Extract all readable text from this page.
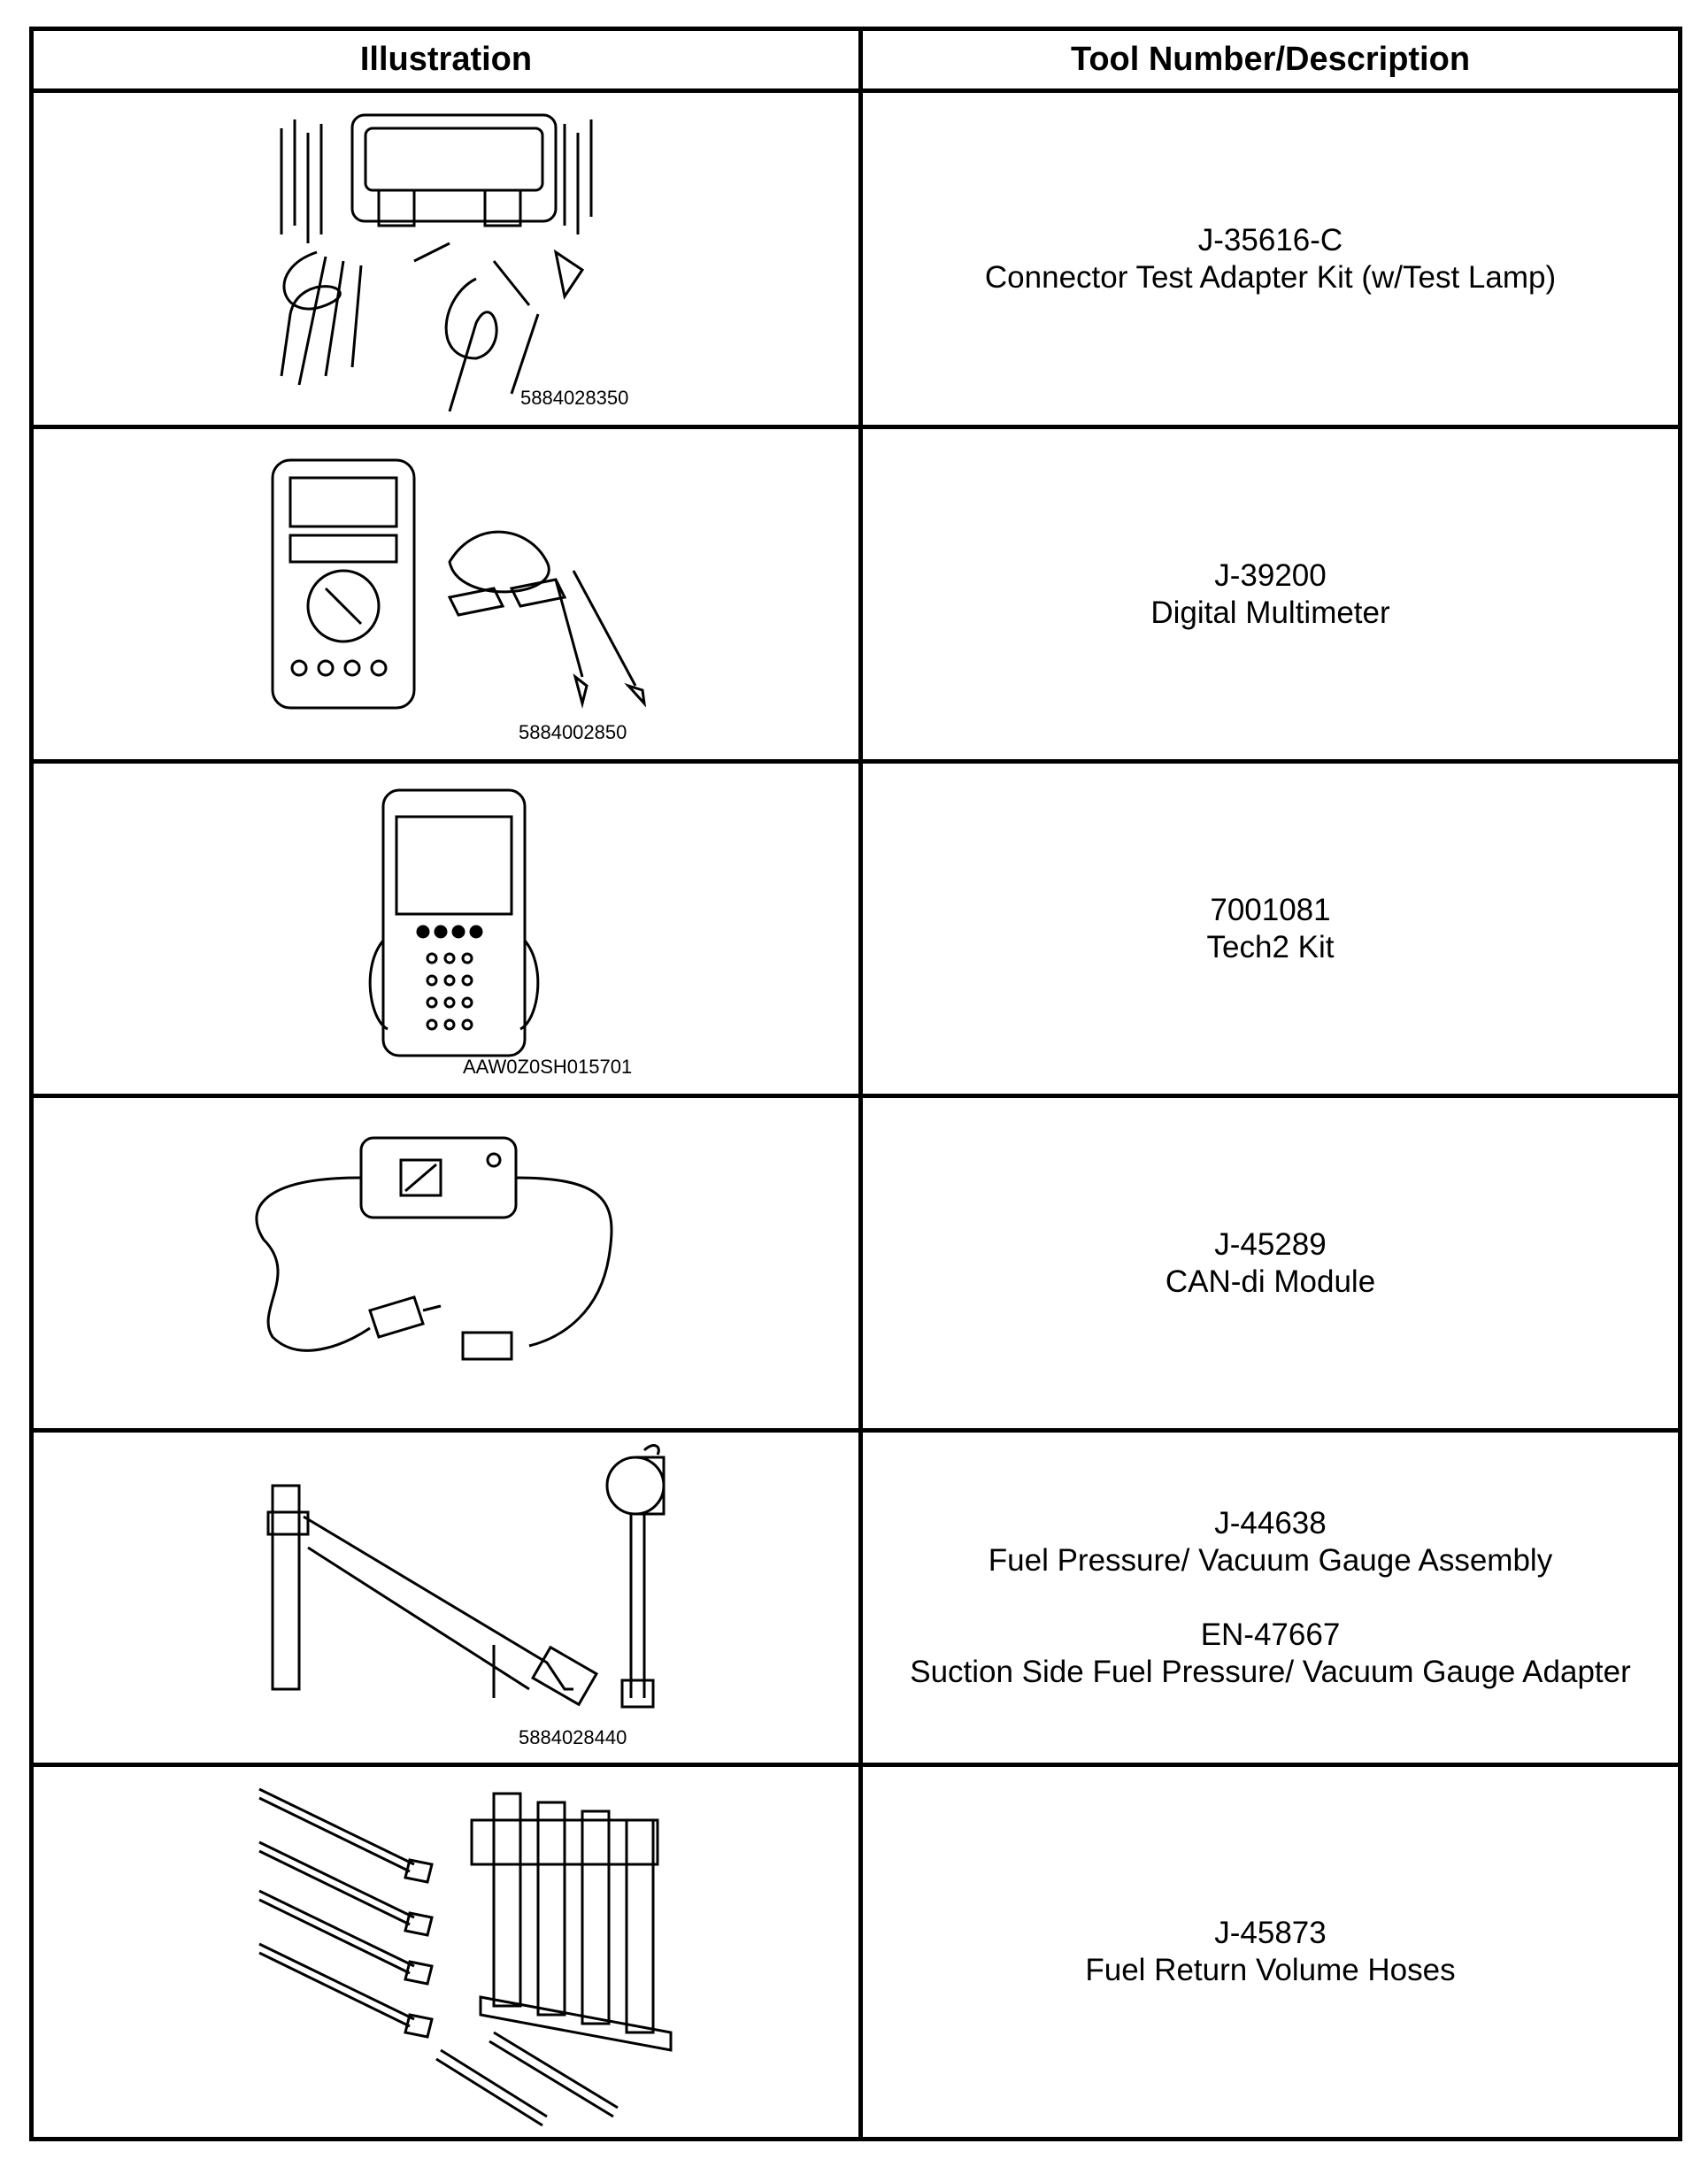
Illustration	Tool Number/Description
5884028350
J-35616-C
Connector Test Adapter Kit (w/Test Lamp)
5884002850
J-39200
Digital Multimeter
AAW0Z0SH015701
7001081
Tech2 Kit
J-45289
CAN-di Module
5884028440
J-44638
Fuel Pressure/ Vacuum Gauge Assembly
EN-47667
Suction Side Fuel Pressure/ Vacuum Gauge Adapter
J-45873
Fuel Return Volume Hoses
